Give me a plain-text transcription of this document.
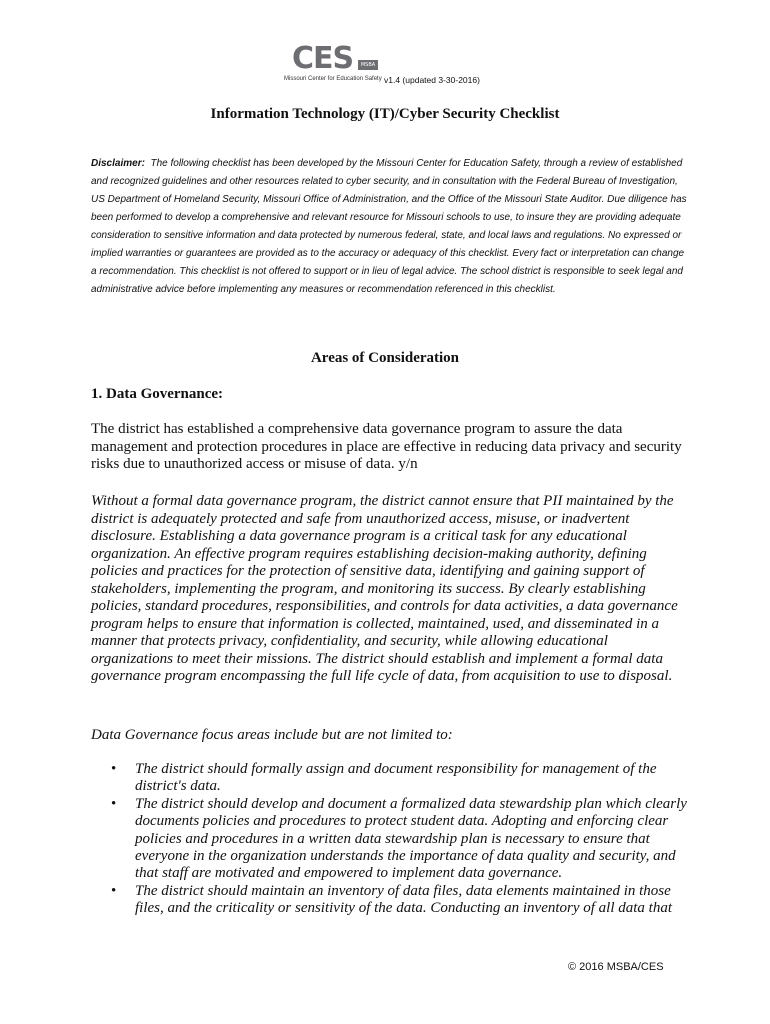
CES	MSBA
Missouri Center for Education Safety v1.4 (updated 3-30-2016)
Information Technology (IT)/Cyber Security Checklist
Disclaimer: The following checklist has been developed by the Missouri Center for Education Safety, through a review of established and recognized guidelines and other resources related to cyber security, and in consultation with the Federal Bureau of Investigation, US Department of Homeland Security, Missouri Office of Administration, and the Office of the Missouri State Auditor. Due diligence has been performed to develop a comprehensive and relevant resource for Missouri schools to use, to insure they are providing adequate consideration to sensitive information and data protected by numerous federal, state, and local laws and regulations. No expressed or implied warranties or guarantees are provided as to the accuracy or adequacy of this checklist. Every fact or interpretation can change a recommendation. This checklist is not offered to support or in lieu of legal advice. The school district is responsible to seek legal and administrative advice before implementing any measures or recommendation referenced in this checklist.
Areas of Consideration
1. Data Governance:
The district has established a comprehensive data governance program to assure the data management and protection procedures in place are effective in reducing data privacy and security risks due to unauthorized access or misuse of data. y/n
Without a formal data governance program, the district cannot ensure that PII maintained by the district is adequately protected and safe from unauthorized access, misuse, or inadvertent disclosure. Establishing a data governance program is a critical task for any educational organization. An effective program requires establishing decision-making authority, defining policies and practices for the protection of sensitive data, identifying and gaining support of stakeholders, implementing the program, and monitoring its success. By clearly establishing policies, standard procedures, responsibilities, and controls for data activities, a data governance program helps to ensure that information is collected, maintained, used, and disseminated in a manner that protects privacy, confidentiality, and security, while allowing educational organizations to meet their missions. The district should establish and implement a formal data governance program encompassing the full life cycle of data, from acquisition to use to disposal.
Data Governance focus areas include but are not limited to:
• The district should formally assign and document responsibility for management of the district's data.
• The district should develop and document a formalized data stewardship plan which clearly documents policies and procedures to protect student data. Adopting and enforcing clear policies and procedures in a written data stewardship plan is necessary to ensure that everyone in the organization understands the importance of data quality and security, and that staff are motivated and empowered to implement data governance.
• The district should maintain an inventory of data files, data elements maintained in those files, and the criticality or sensitivity of the data. Conducting an inventory of all data that
© 2016 MSBA/CES
